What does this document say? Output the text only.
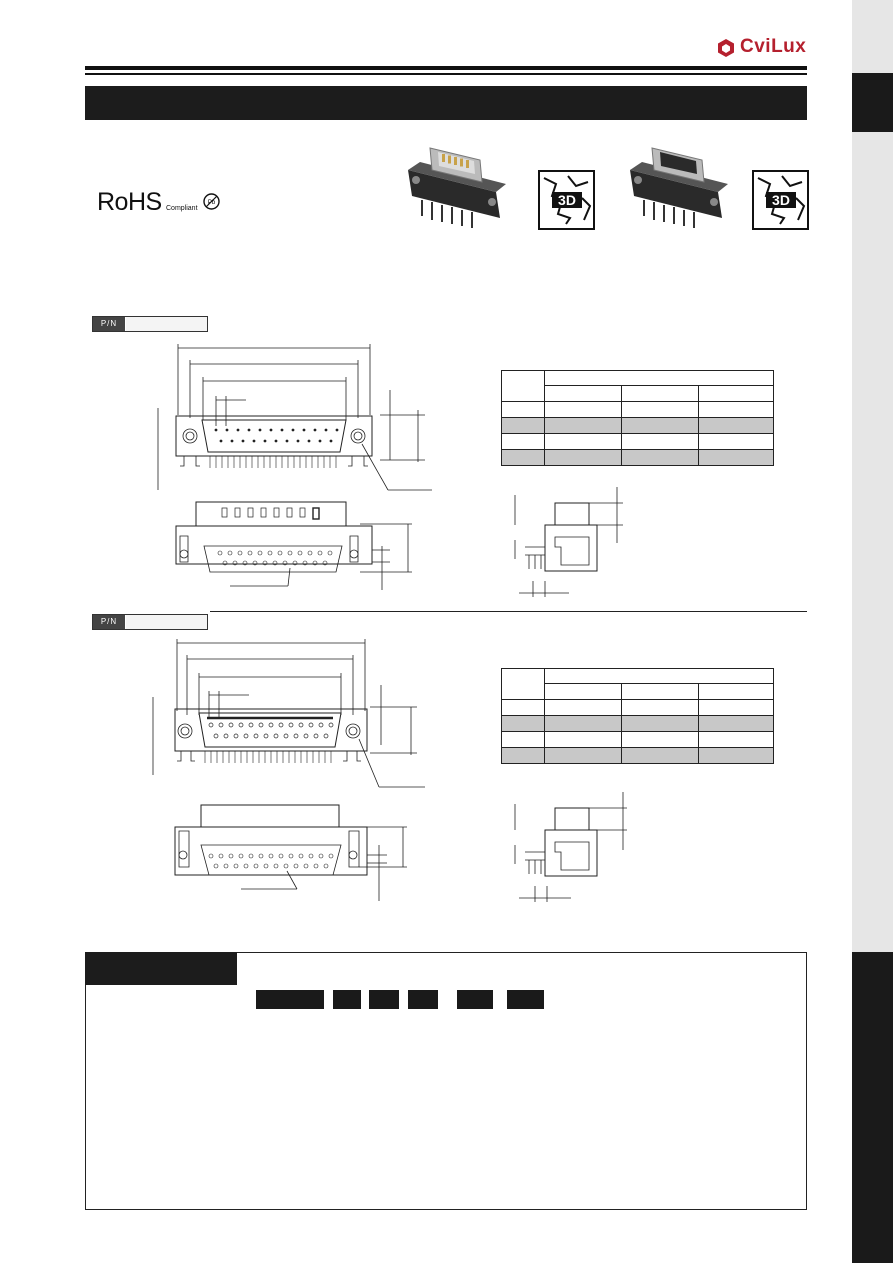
CviLux
RoHS Compliant
Pb	3D	3D
P/N

P/N
